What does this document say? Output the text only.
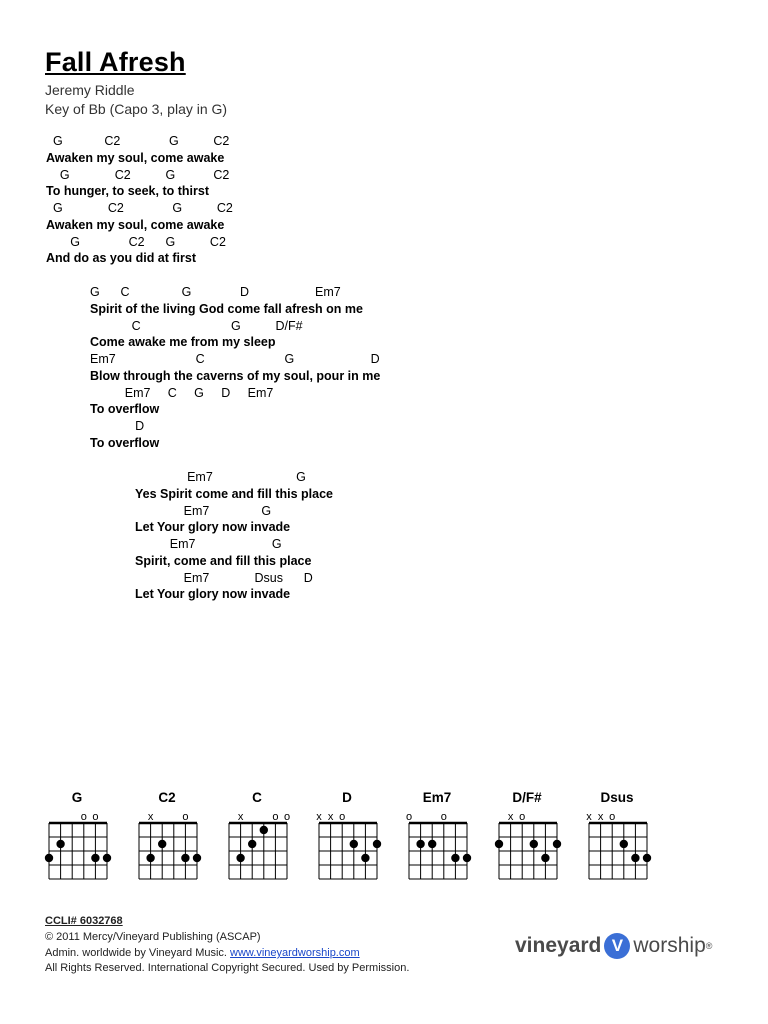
Fall Afresh
Jeremy Riddle
Key of Bb (Capo 3, play in G)
G            C2              G          C2
Awaken my soul, come awake
G             C2          G           C2
To hunger, to seek, to thirst
G             C2              G          C2
Awaken my soul, come awake
G              C2      G          C2
And do as you did at first
G      C               G              D                   Em7
Spirit of the living God come fall afresh on me
C                          G          D/F#
Come awake me from my sleep
Em7                       C                       G                      D
Blow through the caverns of my soul, pour in me
Em7     C     G     D     Em7
To overflow
D
To overflow
Em7                        G
Yes Spirit come and fill this place
Em7               G
Let Your glory now invade
Em7                      G
Spirit, come and fill this place
Em7             Dsus      D
Let Your glory now invade
G
o o
C2
x	o
C
x	o o
D
x x o
Em7
o	o
D/F#
x o
Dsus
x x o
CCLI# 6032768
© 2011 Mercy/Vineyard Publishing (ASCAP)
Admin. worldwide by Vineyard Music. www.vineyardworship.com
All Rights Reserved. International Copyright Secured. Used by Permission.
vineyard V worship ®
